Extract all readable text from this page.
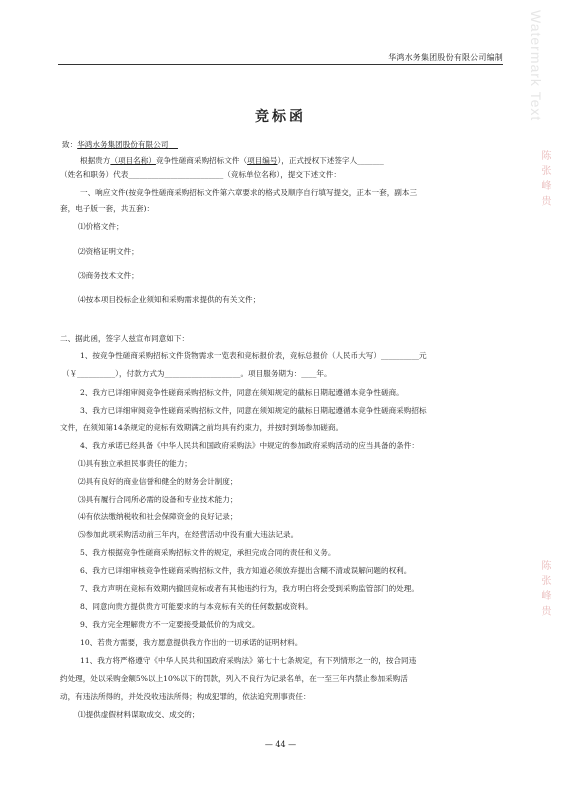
华鸿水务集团股份有限公司编制 Watermark Text
陈 张 峰 贵
陈 张 峰 贵
竞标函
致：华鸿水务集团股份有限公司
根据贵方（项目名称）竞争性磋商采购招标文件（项目编号），正式授权下述签字人_______
（姓名和职务）代表_________________________（竞标单位名称），提交下述文件：
一、响应文件(按竞争性磋商采购招标文件第六章要求的格式及顺序自行填写提交，正本一套，副本三
套，电子版一套，共五套)：
⑴价格文件；
⑵资格证明文件；
⑶商务技术文件；
⑷按本项目投标企业须知和采购需求提供的有关文件；
二、据此函，签字人兹宣布同意如下：
1、按竞争性磋商采购招标文件货物需求一览表和竞标报价表，竞标总报价（人民币大写）__________元
（￥__________），付款方式为____________________。项目服务期为：____年。
2、我方已详细审阅竞争性磋商采购招标文件，同意在须知规定的截标日期起遵循本竞争性磋商。
3、我方已详细审阅竞争性磋商采购招标文件，同意在须知规定的截标日期起遵循本竞争性磋商采购招标
文件，在须知第14条规定的竞标有效期满之前均具有约束力，并按时到场参加磋商。
4、我方承诺已经具备《中华人民共和国政府采购法》中规定的参加政府采购活动的应当具备的条件：
⑴具有独立承担民事责任的能力；
⑵具有良好的商业信誉和健全的财务会计制度；
⑶具有履行合同所必需的设备和专业技术能力；
⑷有依法缴纳税收和社会保障资金的良好记录；
⑸参加此项采购活动前三年内，在经营活动中没有重大违法记录。
5、我方根据竞争性磋商采购招标文件的规定，承担完成合同的责任和义务。
6、我方已详细审核竞争性磋商采购招标文件，我方知道必须放弃提出含糊不清或误解问题的权利。
7、我方声明在竞标有效期内撤回竞标或者有其他违约行为，我方明白将会受到采购监管部门的处理。
8、同意向贵方提供贵方可能要求的与本竞标有关的任何数据或资料。
9、我方完全理解贵方不一定要接受最低价的为成交。
10、若贵方需要，我方愿意提供我方作出的一切承诺的证明材料。
11、我方将严格遵守《中华人民共和国政府采购法》第七十七条规定，有下列情形之一的，按合同违
约处理，处以采购金额5%以上10%以下的罚款，列入不良行为记录名单，在一至三年内禁止参加采购活
动，有违法所得的，并处没收违法所得；构成犯罪的，依法追究刑事责任：
⑴提供虚假材料谋取成交、成交的；
— 44 —
